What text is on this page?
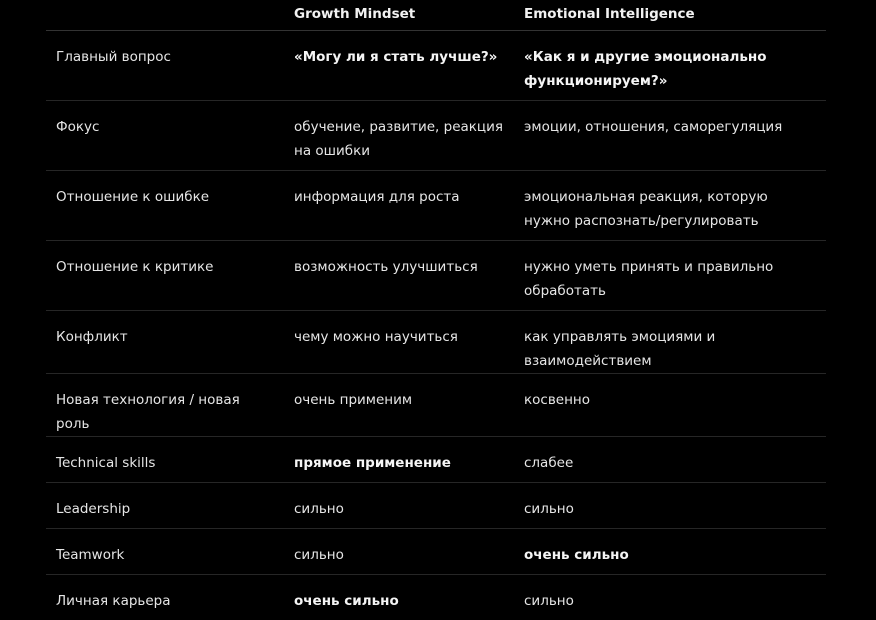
	Growth Mindset	Emotional Intelligence
Главный вопрос	«Могу ли я стать лучше?»	«Как я и другие эмоционально функционируем?»
Фокус	обучение, развитие, реакция на ошибки	эмоции, отношения, саморегуляция
Отношение к ошибке	информация для роста	эмоциональная реакция, которую нужно распознать/регулировать
Отношение к критике	возможность улучшиться	нужно уметь принять и правильно обработать
Конфликт	чему можно научиться	как управлять эмоциями и взаимодействием
Новая технология / новая роль	очень применим	косвенно
Technical skills	прямое применение	слабее
Leadership	сильно	сильно
Teamwork	сильно	очень сильно
Личная карьера	очень сильно	сильно
